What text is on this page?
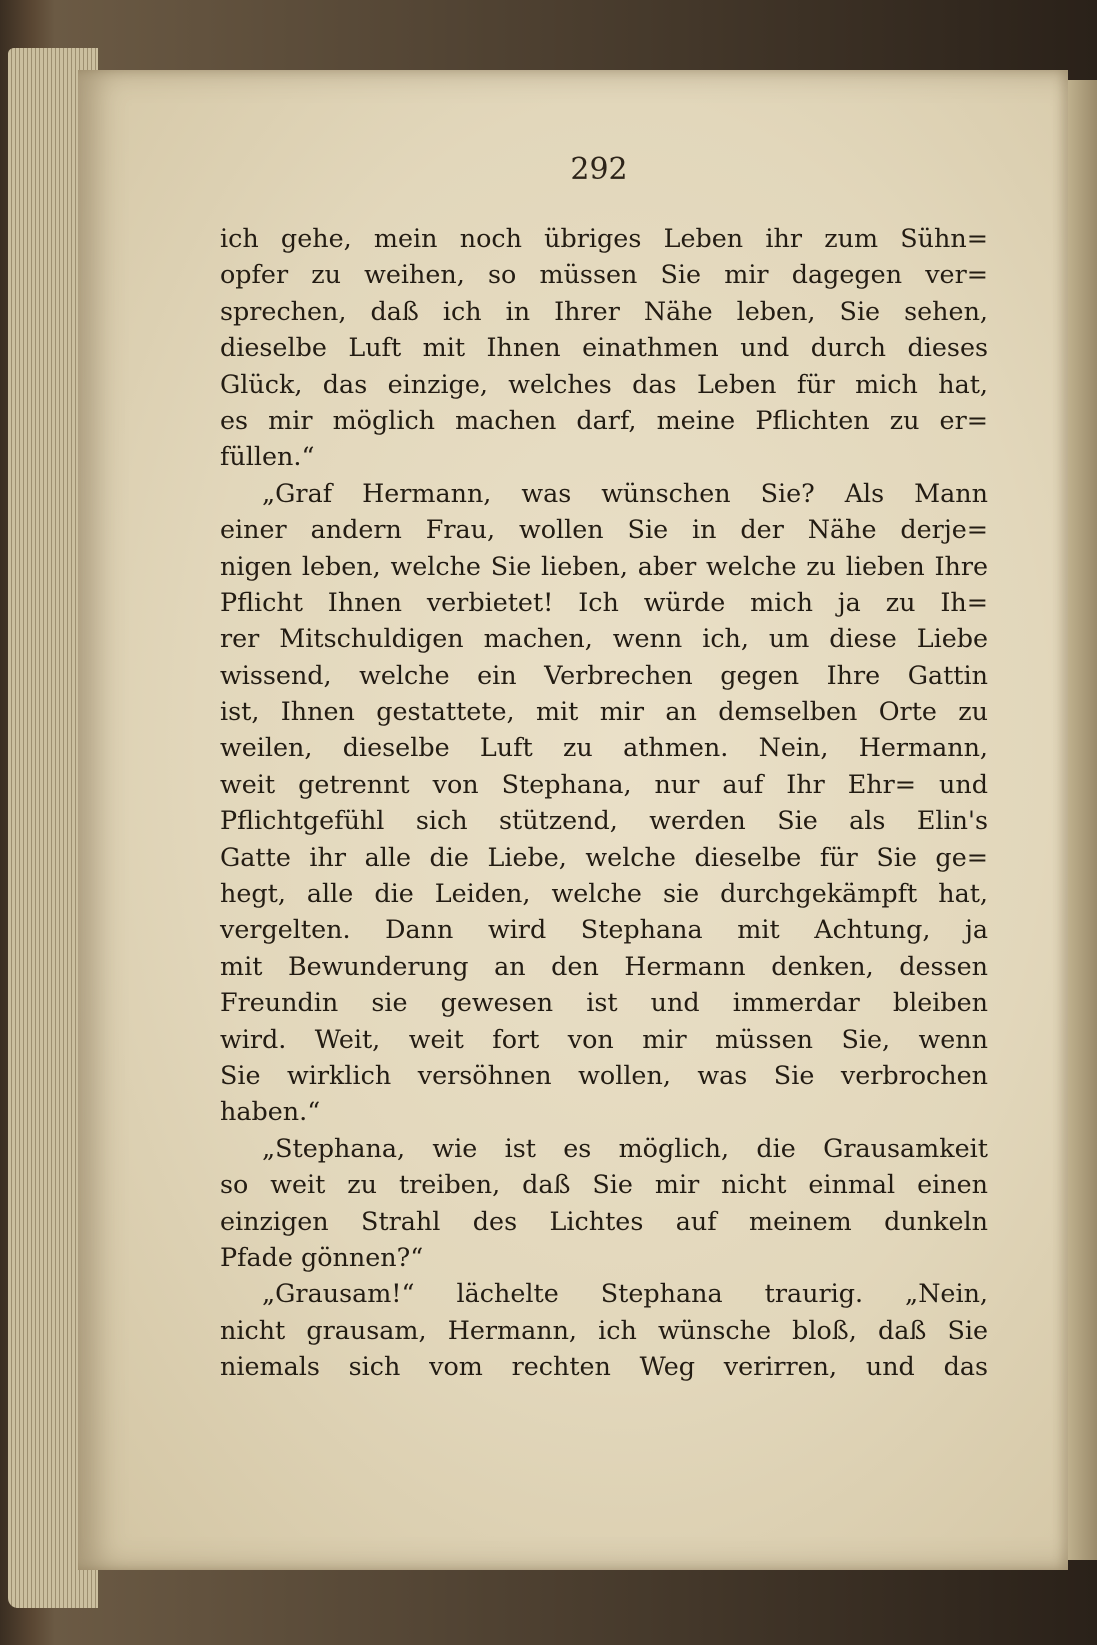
292
ich gehe, mein noch übriges Leben ihr zum Sühn=
opfer zu weihen, so müssen Sie mir dagegen ver=
sprechen, daß ich in Ihrer Nähe leben, Sie sehen,
dieselbe Luft mit Ihnen einathmen und durch dieses
Glück, das einzige, welches das Leben für mich hat,
es mir möglich machen darf, meine Pflichten zu er=
füllen.“
„Graf Hermann, was wünschen Sie? Als Mann
einer andern Frau, wollen Sie in der Nähe derje=
nigen leben, welche Sie lieben, aber welche zu lieben Ihre
Pflicht Ihnen verbietet! Ich würde mich ja zu Ih=
rer Mitschuldigen machen, wenn ich, um diese Liebe
wissend, welche ein Verbrechen gegen Ihre Gattin
ist, Ihnen gestattete, mit mir an demselben Orte zu
weilen, dieselbe Luft zu athmen. Nein, Hermann,
weit getrennt von Stephana, nur auf Ihr Ehr= und
Pflichtgefühl sich stützend, werden Sie als Elin's
Gatte ihr alle die Liebe, welche dieselbe für Sie ge=
hegt, alle die Leiden, welche sie durchgekämpft hat,
vergelten. Dann wird Stephana mit Achtung, ja
mit Bewunderung an den Hermann denken, dessen
Freundin sie gewesen ist und immerdar bleiben
wird. Weit, weit fort von mir müssen Sie, wenn
Sie wirklich versöhnen wollen, was Sie verbrochen
haben.“
„Stephana, wie ist es möglich, die Grausamkeit
so weit zu treiben, daß Sie mir nicht einmal einen
einzigen Strahl des Lichtes auf meinem dunkeln
Pfade gönnen?“
„Grausam!“ lächelte Stephana traurig. „Nein,
nicht grausam, Hermann, ich wünsche bloß, daß Sie
niemals sich vom rechten Weg verirren, und das
